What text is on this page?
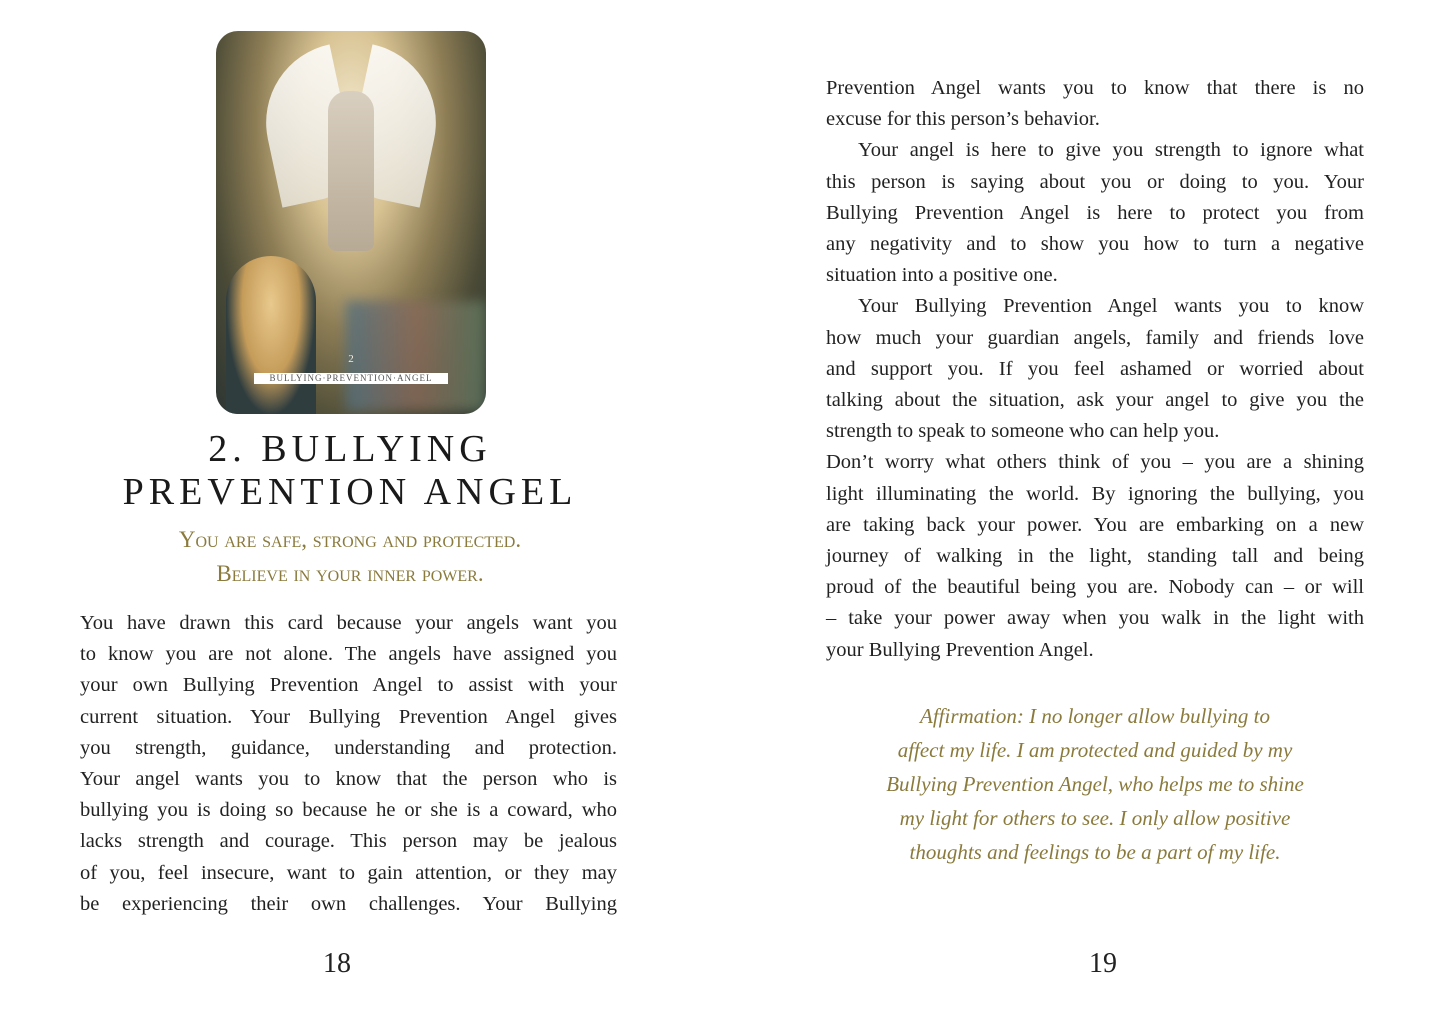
2
BULLYING·PREVENTION·ANGEL
2. BULLYING
PREVENTION ANGEL
You are safe, strong and protected.
Believe in your inner power.
You have drawn this card because your angels want you
to know you are not alone. The angels have assigned you
your own Bullying Prevention Angel to assist with your
current situation. Your Bullying Prevention Angel gives
you strength, guidance, understanding and protection.
Your angel wants you to know that the person who is
bullying you is doing so because he or she is a coward, who
lacks strength and courage. This person may be jealous
of you, feel insecure, want to gain attention, or they may
be experiencing their own challenges. Your Bullying
Prevention Angel wants you to know that there is no
excuse for this person’s behavior.
Your angel is here to give you strength to ignore what
this person is saying about you or doing to you. Your
Bullying Prevention Angel is here to protect you from
any negativity and to show you how to turn a negative
situation into a positive one.
Your Bullying Prevention Angel wants you to know
how much your guardian angels, family and friends love
and support you. If you feel ashamed or worried about
talking about the situation, ask your angel to give you the
strength to speak to someone who can help you.
Don’t worry what others think of you – you are a shining
light illuminating the world. By ignoring the bullying, you
are taking back your power. You are embarking on a new
journey of walking in the light, standing tall and being
proud of the beautiful being you are. Nobody can – or will
– take your power away when you walk in the light with
your Bullying Prevention Angel.
Affirmation: I no longer allow bullying to
affect my life. I am protected and guided by my
Bullying Prevention Angel, who helps me to shine
my light for others to see. I only allow positive
thoughts and feelings to be a part of my life.
18	19
